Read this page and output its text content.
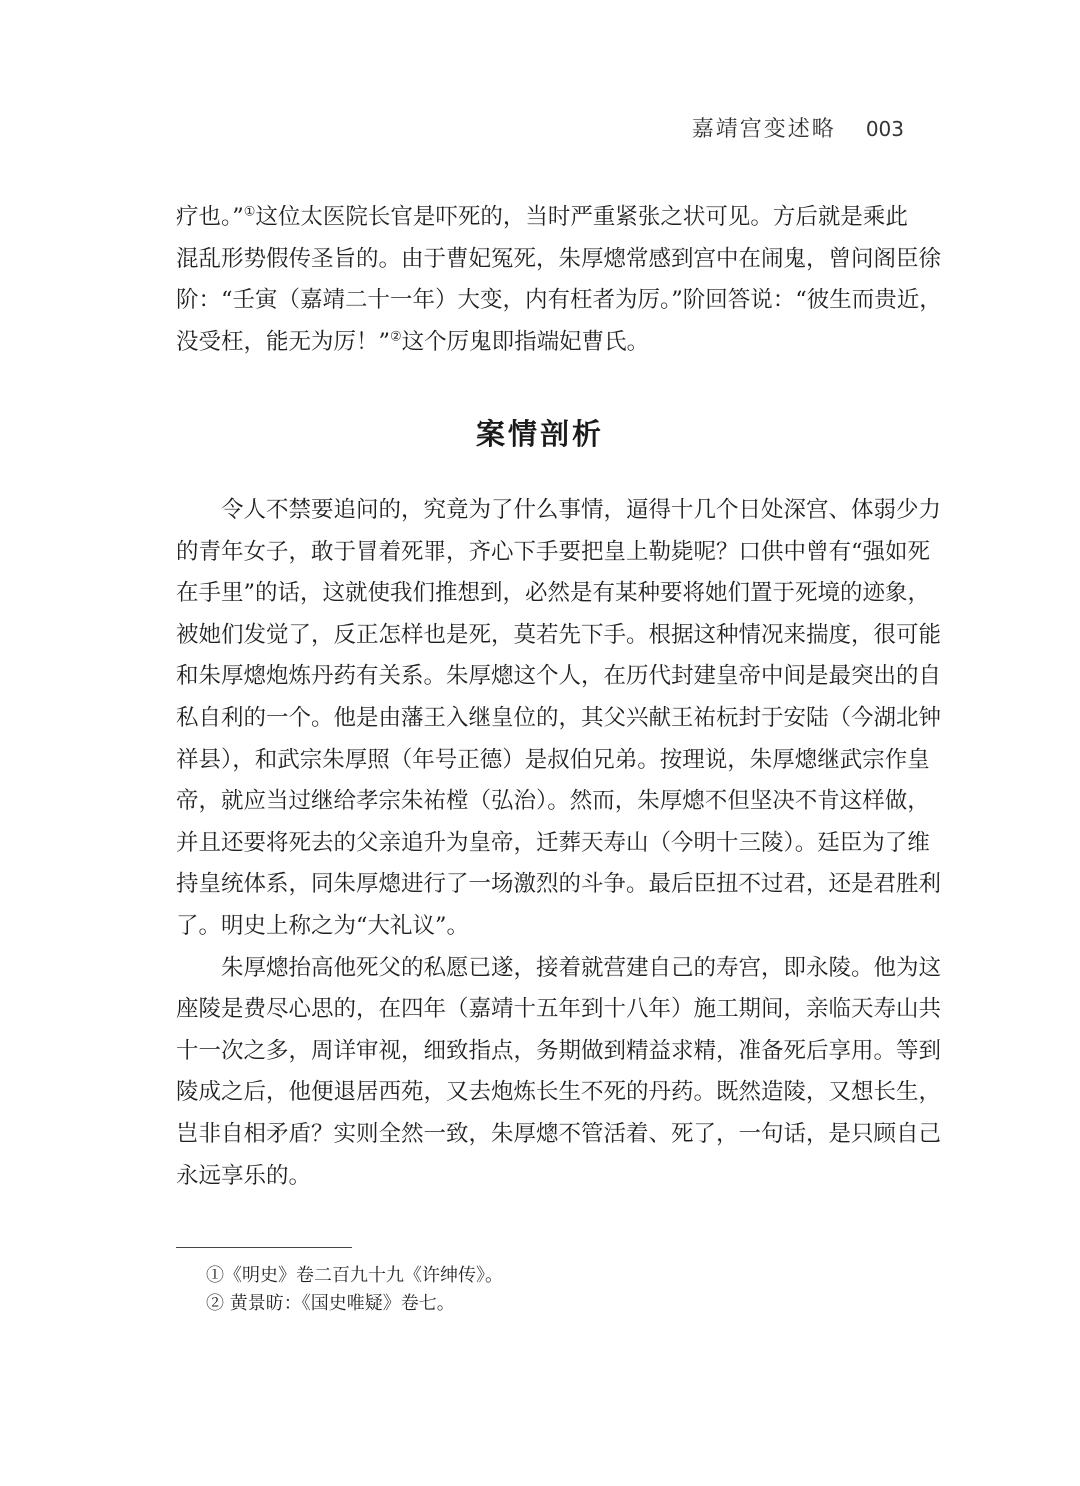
嘉靖宫变述略 003
疗也。”①这位太医院长官是吓死的，当时严重紧张之状可见。方后就是乘此
混乱形势假传圣旨的。由于曹妃冤死，朱厚熜常感到宫中在闹鬼，曾问阁臣徐
阶：“壬寅（嘉靖二十一年）大变，内有枉者为厉。”阶回答说：“彼生而贵近，
没受枉，能无为厉！”②这个厉鬼即指端妃曹氏。
案情剖析
　　令人不禁要追问的，究竟为了什么事情，逼得十几个日处深宫、体弱少力
的青年女子，敢于冒着死罪，齐心下手要把皇上勒毙呢？口供中曾有“强如死
在手里”的话，这就使我们推想到，必然是有某种要将她们置于死境的迹象，
被她们发觉了，反正怎样也是死，莫若先下手。根据这种情况来揣度，很可能
和朱厚熜炮炼丹药有关系。朱厚熜这个人，在历代封建皇帝中间是最突出的自
私自利的一个。他是由藩王入继皇位的，其父兴献王祐杬封于安陆（今湖北钟
祥县），和武宗朱厚照（年号正德）是叔伯兄弟。按理说，朱厚熜继武宗作皇
帝，就应当过继给孝宗朱祐樘（弘治）。然而，朱厚熜不但坚决不肯这样做，
并且还要将死去的父亲追升为皇帝，迁葬天寿山（今明十三陵）。廷臣为了维
持皇统体系，同朱厚熜进行了一场激烈的斗争。最后臣扭不过君，还是君胜利
了。明史上称之为“大礼议”。
　　朱厚熜抬高他死父的私愿已遂，接着就营建自己的寿宫，即永陵。他为这
座陵是费尽心思的，在四年（嘉靖十五年到十八年）施工期间，亲临天寿山共
十一次之多，周详审视，细致指点，务期做到精益求精，准备死后享用。等到
陵成之后，他便退居西苑，又去炮炼长生不死的丹药。既然造陵，又想长生，
岂非自相矛盾？实则全然一致，朱厚熜不管活着、死了，一句话，是只顾自己
永远享乐的。
①《明史》卷二百九十九《许绅传》。
② 黄景昉：《国史唯疑》卷七。
